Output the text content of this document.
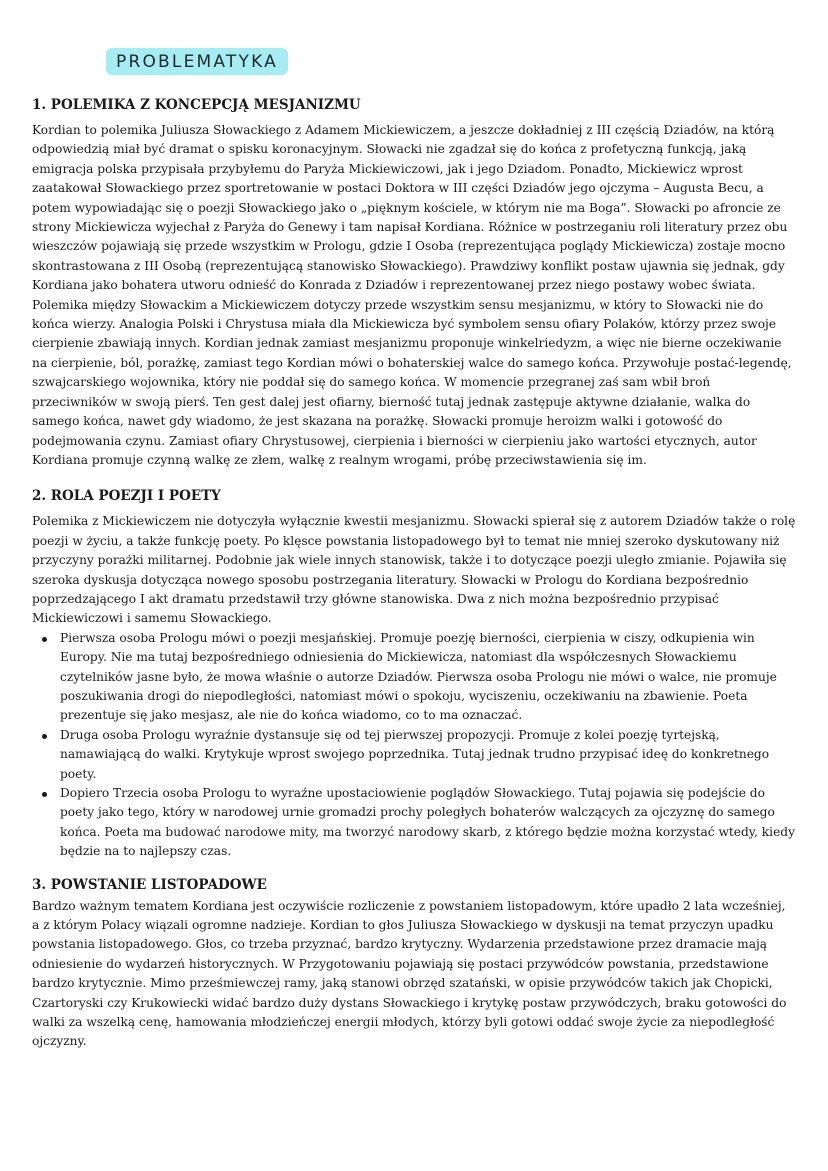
PROBLEMATYKA
1. POLEMIKA Z KONCEPCJĄ MESJANIZMU

Kordian to polemika Juliusza Słowackiego z Adamem Mickiewiczem, a jeszcze dokładniej z III częścią Dziadów, na którą odpowiedzią miał być dramat o spisku koronacyjnym. Słowacki nie zgadzał się do końca z profetyczną funkcją, jaką emigracja polska przypisała przybyłemu do Paryża Mickiewiczowi, jak i jego Dziadom. Ponadto, Mickiewicz wprost zaatakował Słowackiego przez sportretowanie w postaci Doktora w III części Dziadów jego ojczyma – Augusta Becu, a potem wypowiadając się o poezji Słowackiego jako o „pięknym kościele, w którym nie ma Boga”. Słowacki po afroncie ze strony Mickiewicza wyjechał z Paryża do Genewy i tam napisał Kordiana. Różnice w postrzeganiu roli literatury przez obu wieszczów pojawiają się przede wszystkim w Prologu, gdzie I Osoba (reprezentująca poglądy Mickiewicza) zostaje mocno skontrastowana z III Osobą (reprezentującą stanowisko Słowackiego). Prawdziwy konflikt postaw ujawnia się jednak, gdy Kordiana jako bohatera utworu odnieść do Konrada z Dziadów i reprezentowanej przez niego postawy wobec świata. Polemika między Słowackim a Mickiewiczem dotyczy przede wszystkim sensu mesjanizmu, w który to Słowacki nie do końca wierzy. Analogia Polski i Chrystusa miała dla Mickiewicza być symbolem sensu ofiary Polaków, którzy przez swoje cierpienie zbawiają innych. Kordian jednak zamiast mesjanizmu proponuje winkelriedyzm, a więc nie bierne oczekiwanie na cierpienie, ból, porażkę, zamiast tego Kordian mówi o bohaterskiej walce do samego końca. Przywołuje postać-legendę, szwajcarskiego wojownika, który nie poddał się do samego końca. W momencie przegranej zaś sam wbił broń przeciwników w swoją pierś. Ten gest dalej jest ofiarny, bierność tutaj jednak zastępuje aktywne działanie, walka do samego końca, nawet gdy wiadomo, że jest skazana na porażkę. Słowacki promuje heroizm walki i gotowość do podejmowania czynu. Zamiast ofiary Chrystusowej, cierpienia i bierności w cierpieniu jako wartości etycznych, autor Kordiana promuje czynną walkę ze złem, walkę z realnym wrogami, próbę przeciwstawienia się im.

2. ROLA POEZJI I POETY

Polemika z Mickiewiczem nie dotyczyła wyłącznie kwestii mesjanizmu. Słowacki spierał się z autorem Dziadów także o rolę poezji w życiu, a także funkcję poety. Po klęsce powstania listopadowego był to temat nie mniej szeroko dyskutowany niż przyczyny porażki militarnej. Podobnie jak wiele innych stanowisk, także i to dotyczące poezji uległo zmianie. Pojawiła się szeroka dyskusja dotycząca nowego sposobu postrzegania literatury. Słowacki w Prologu do Kordiana bezpośrednio poprzedzającego I akt dramatu przedstawił trzy główne stanowiska. Dwa z nich można bezpośrednio przypisać Mickiewiczowi i samemu Słowackiego.

Pierwsza osoba Prologu mówi o poezji mesjańskiej. Promuje poezję bierności, cierpienia w ciszy, odkupienia win Europy. Nie ma tutaj bezpośredniego odniesienia do Mickiewicza, natomiast dla współczesnych Słowackiemu czytelników jasne było, że mowa właśnie o autorze Dziadów. Pierwsza osoba Prologu nie mówi o walce, nie promuje poszukiwania drogi do niepodległości, natomiast mówi o spokoju, wyciszeniu, oczekiwaniu na zbawienie. Poeta prezentuje się jako mesjasz, ale nie do końca wiadomo, co to ma oznaczać.
Druga osoba Prologu wyraźnie dystansuje się od tej pierwszej propozycji. Promuje z kolei poezję tyrtejską, namawiającą do walki. Krytykuje wprost swojego poprzednika. Tutaj jednak trudno przypisać ideę do konkretnego poety.
Dopiero Trzecia osoba Prologu to wyraźne upostaciowienie poglądów Słowackiego. Tutaj pojawia się podejście do poety jako tego, który w narodowej urnie gromadzi prochy poległych bohaterów walczących za ojczyznę do samego końca. Poeta ma budować narodowe mity, ma tworzyć narodowy skarb, z którego będzie można korzystać wtedy, kiedy będzie na to najlepszy czas.
3. POWSTANIE LISTOPADOWE

Bardzo ważnym tematem Kordiana jest oczywiście rozliczenie z powstaniem listopadowym, które upadło 2 lata wcześniej, a z którym Polacy wiązali ogromne nadzieje. Kordian to głos Juliusza Słowackiego w dyskusji na temat przyczyn upadku powstania listopadowego. Głos, co trzeba przyznać, bardzo krytyczny. Wydarzenia przedstawione przez dramacie mają odniesienie do wydarzeń historycznych. W Przygotowaniu pojawiają się postaci przywódców powstania, przedstawione bardzo krytycznie. Mimo prześmiewczej ramy, jaką stanowi obrzęd szatański, w opisie przywódców takich jak Chopicki, Czartoryski czy Krukowiecki widać bardzo duży dystans Słowackiego i krytykę postaw przywódczych, braku gotowości do walki za wszelką cenę, hamowania młodzieńczej energii młodych, którzy byli gotowi oddać swoje życie za niepodległość ojczyzny.
